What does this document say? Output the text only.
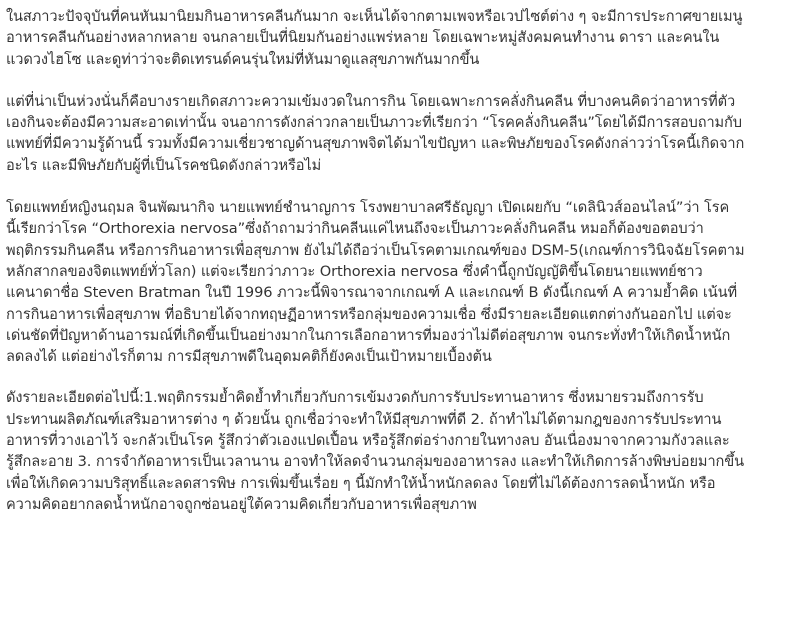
ในสภาวะปัจจุบันที่คนหันมานิยมกินอาหารคลีนกันมาก จะเห็นได้จากตามเพจหรือเวปไซต์ต่าง ๆ จะมีการประกาศขายเมนู
อาหารคลีนกันอย่างหลากหลาย จนกลายเป็นที่นิยมกันอย่างแพร่หลาย โดยเฉพาะหมู่สังคมคนทำงาน ดารา และคนใน
แวดวงไฮโซ และดูท่าว่าจะติดเทรนด์คนรุ่นใหม่ที่หันมาดูแลสุขภาพกันมากขึ้น

แต่ที่น่าเป็นห่วงนั่นก็คือบางรายเกิดสภาวะความเข้มงวดในการกิน โดยเฉพาะการคลั่งกินคลีน ที่บางคนคิดว่าอาหารที่ตัว
เองกินจะต้องมีความสะอาดเท่านั้น จนอาการดังกล่าวกลายเป็นภาวะที่เรียกว่า “โรคคลั่งกินคลีน”โดยได้มีการสอบถามกับ
แพทย์ที่มีความรู้ด้านนี้ รวมทั้งมีความเชี่ยวชาญด้านสุขภาพจิตได้มาไขปัญหา และพิษภัยของโรคดังกล่าวว่าโรคนี้เกิดจาก
อะไร และมีพิษภัยกับผู้ที่เป็นโรคชนิดดังกล่าวหรือไม่

โดยแพทย์หญิงนฤมล จินพัฒนากิจ นายแพทย์ชำนาญการ โรงพยาบาลศรีธัญญา เปิดเผยกับ “เดลินิวส์ออนไลน์”ว่า โรค
นี้เรียกว่าโรค “Orthorexia nervosa”ซึ่งถ้าถามว่ากินคลีนแค่ไหนถึงจะเป็นภาวะคลั่งกินคลีน หมอก็ต้องขอตอบว่า
พฤติกรรมกินคลีน หรือการกินอาหารเพื่อสุขภาพ ยังไม่ได้ถือว่าเป็นโรคตามเกณฑ์ของ DSM-5(เกณฑ์การวินิจฉัยโรคตาม
หลักสากลของจิตแพทย์ทั่วโลก) แต่จะเรียกว่าภาวะ Orthorexia nervosa ซึ่งคำนี้ถูกบัญญัติขึ้นโดยนายแพทย์ชาว
แคนาดาชื่อ Steven Bratman ในปี 1996 ภาวะนี้พิจารณาจากเกณฑ์ A และเกณฑ์ B ดังนี้เกณฑ์ A ความย้ำคิด เน้นที่
การกินอาหารเพื่อสุขภาพ ที่อธิบายได้จากทฤษฏีอาหารหรือกลุ่มของความเชื่อ ซึ่งมีรายละเอียดแตกต่างกันออกไป แต่จะ
เด่นชัดที่ปัญหาด้านอารมณ์ที่เกิดขึ้นเป็นอย่างมากในการเลือกอาหารที่มองว่าไม่ดีต่อสุขภาพ จนกระทั่งทำให้เกิดน้ำหนัก
ลดลงได้ แต่อย่างไรก็ตาม การมีสุขภาพดีในอุดมคติก็ยังคงเป็นเป้าหมายเบื้องต้น

ดังรายละเอียดต่อไปนี้:1.พฤติกรรมย้ำคิดย้ำทำเกี่ยวกับการเข้มงวดกับการรับประทานอาหาร ซึ่งหมายรวมถึงการรับ
ประทานผลิตภัณฑ์เสริมอาหารต่าง ๆ ด้วยนั้น ถูกเชื่อว่าจะทำให้มีสุขภาพที่ดี 2. ถ้าทำไม่ได้ตามกฎของการรับประทาน
อาหารที่วางเอาไว้ จะกลัวเป็นโรค รู้สึกว่าตัวเองแปดเปื้อน หรือรู้สึกต่อร่างกายในทางลบ อันเนื่องมาจากความกังวลและ
รู้สึกละอาย 3. การจำกัดอาหารเป็นเวลานาน อาจทำให้ลดจำนวนกลุ่มของอาหารลง และทำให้เกิดการล้างพิษบ่อยมากขึ้น
เพื่อให้เกิดความบริสุทธิ์และลดสารพิษ การเพิ่มขึ้นเรื่อย ๆ นี้มักทำให้น้ำหนักลดลง โดยที่ไม่ได้ต้องการลดน้ำหนัก หรือ
ความคิดอยากลดน้ำหนักอาจถูกซ่อนอยู่ใต้ความคิดเกี่ยวกับอาหารเพื่อสุขภาพ
